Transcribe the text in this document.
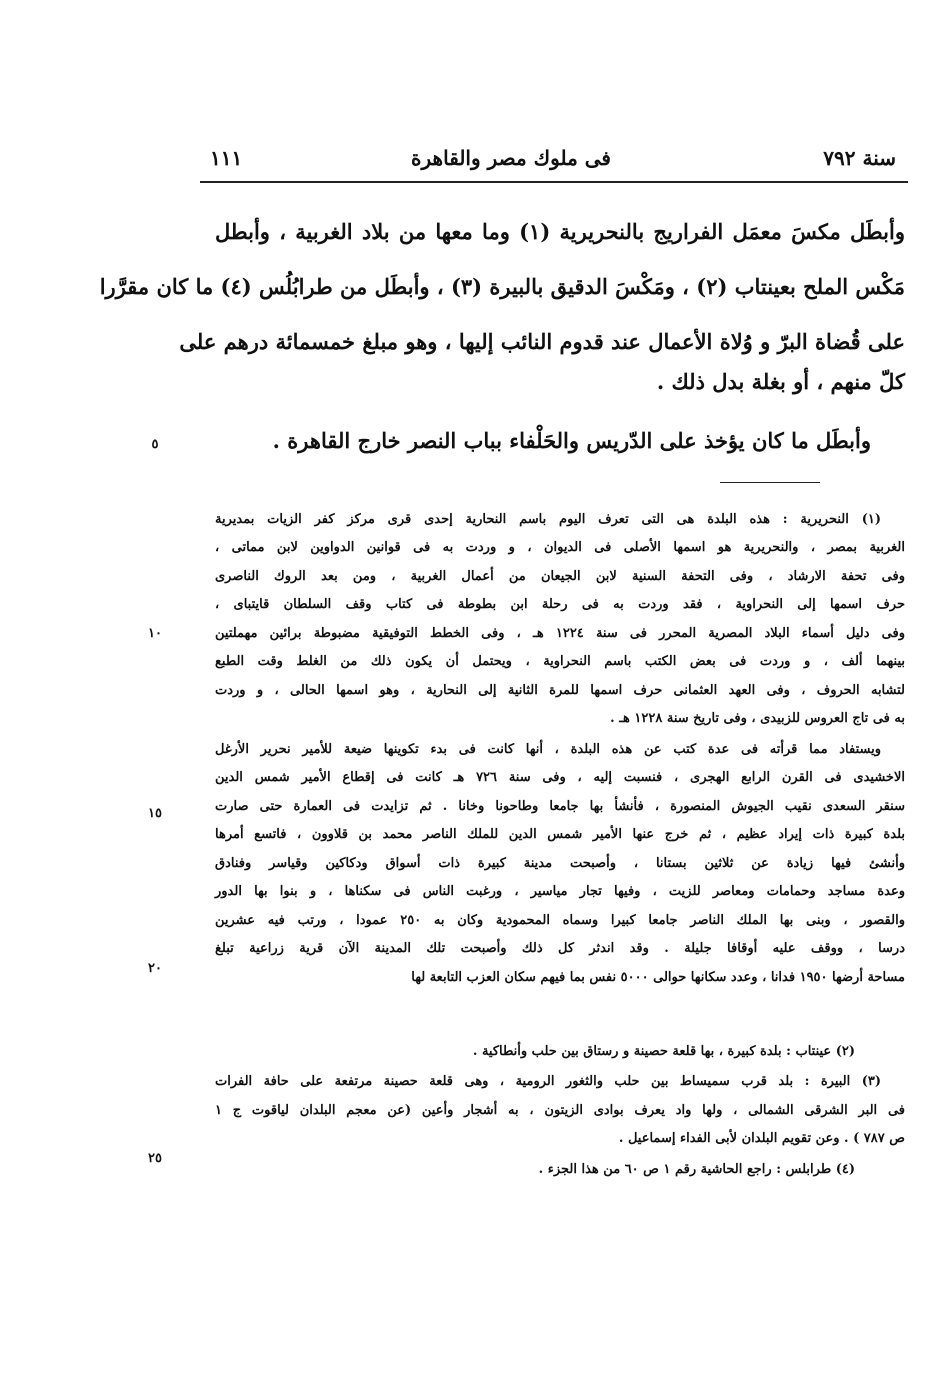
سنة ٧٩٢
فى ملوك مصر والقاهرة
١١١
وأبطَل مكسَ معمَل الفراريج بالنحريرية (١) وما معها من بلاد الغربية ، وأبطل
مَكْس الملح بعينتاب (٢) ، ومَكْسَ الدقيق بالبيرة (٣) ، وأبطَل من طرابُلُس (٤) ما كان مقرَّرا
على قُضاة البرّ و وُلاة الأعمال عند قدوم النائب إليها ، وهو مبلغ خمسمائة درهم على
كلّ منهم ، أو بغلة بدل ذلك .
وأبطَل ما كان يؤخذ على الدّريس والحَلْفاء بباب النصر خارج القاهرة .
٥
١٠
١٥
٢٠
٢٥
(١) النحريرية : هذه البلدة هى التى تعرف اليوم باسم النحارية إحدى قرى مركز كفر الزيات بمديرية
الغربية بمصر ، والنحريرية هو اسمها الأصلى فى الديوان ، و وردت به فى قوانين الدواوين لابن مماتى ،
وفى تحفة الارشاد ، وفى التحفة السنية لابن الجيعان من أعمال الغربية ، ومن بعد الروك الناصرى
حرف اسمها إلى النحراوية ، فقد وردت به فى رحلة ابن بطوطة فى كتاب وقف السلطان قايتباى ،
وفى دليل أسماء البلاد المصرية المحرر فى سنة ١٢٢٤ هـ ، وفى الخطط التوفيقية مضبوطة برائين مهملتين
بينهما ألف ، و وردت فى بعض الكتب باسم النحراوية ، ويحتمل أن يكون ذلك من الغلط وقت الطبع
لتشابه الحروف ، وفى العهد العثمانى حرف اسمها للمرة الثانية إلى النحارية ، وهو اسمها الحالى ، و وردت
به فى تاج العروس للزبيدى ، وفى تاريخ سنة ١٢٢٨ هـ .
ويستفاد مما قرأته فى عدة كتب عن هذه البلدة ، أنها كانت فى بدء تكوينها ضيعة للأمير نحرير الأرغل
الاخشيدى فى القرن الرابع الهجرى ، فنسبت إليه ، وفى سنة ٧٢٦ هـ كانت فى إقطاع الأمير شمس الدين
سنقر السعدى نقيب الجيوش المنصورة ، فأنشأ بها جامعا وطاحونا وخانا . ثم تزايدت فى العمارة حتى صارت
بلدة كبيرة ذات إيراد عظيم ، ثم خرج عنها الأمير شمس الدين للملك الناصر محمد بن قلاوون ، فاتسع أمرها
وأنشئ فيها زيادة عن ثلاثين بستانا ، وأصبحت مدينة كبيرة ذات أسواق ودكاكين وقياسر وفنادق
وعدة مساجد وحمامات ومعاصر للزيت ، وفيها تجار مياسير ، ورغبت الناس فى سكناها ، و بنوا بها الدور
والقصور ، وبنى بها الملك الناصر جامعا كبيرا وسماه المحمودية وكان به ٢٥٠ عمودا ، ورتب فيه عشرين
درسا ، ووقف عليه أوقافا جليلة . وقد اندثر كل ذلك وأصبحت تلك المدينة الآن قرية زراعية تبلغ
مساحة أرضها ١٩٥٠ فدانا ، وعدد سكانها حوالى ٥٠٠٠ نفس بما فيهم سكان العزب التابعة لها
(٢) عينتاب : بلدة كبيرة ، بها قلعة حصينة و رستاق بين حلب وأنطاكية .
(٣) البيرة : بلد قرب سميساط بين حلب والثغور الرومية ، وهى قلعة حصينة مرتفعة على حافة الفرات
فى البر الشرقى الشمالى ، ولها واد يعرف بوادى الزيتون ، به أشجار وأعين (عن معجم البلدان لياقوت ج ١
ص ٧٨٧ ) . وعن تقويم البلدان لأبى الفداء إسماعيل .
(٤) طرابلس : راجع الحاشية رقم ١ ص ٦٠ من هذا الجزء .
